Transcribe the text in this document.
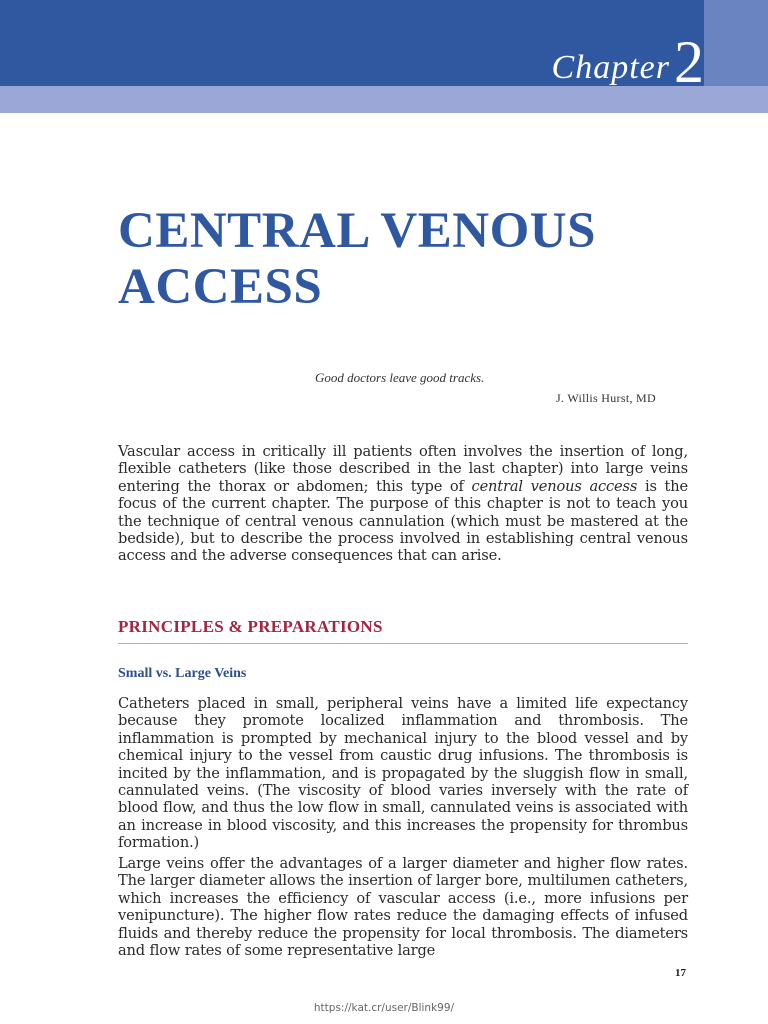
Chapter2
CENTRAL VENOUS
ACCESS
Good doctors leave good tracks.
J. Willis Hurst, MD

Vascular access in critically ill patients often involves the insertion of long, flexible catheters (like those described in the last chapter) into large veins entering the thorax or abdomen; this type of central venous access is the focus of the current chapter. The purpose of this chapter is not to teach you the technique of central venous cannulation (which must be mastered at the bedside), but to describe the process involved in establishing central venous access and the adverse consequences that can arise.

PRINCIPLES & PREPARATIONS
Small vs. Large Veins

Catheters placed in small, peripheral veins have a limited life expectancy because they promote localized inflammation and thrombosis. The inflammation is prompted by mechanical injury to the blood vessel and by chemical injury to the vessel from caustic drug infusions. The thrombosis is incited by the inflammation, and is propagated by the sluggish flow in small, cannulated veins. (The viscosity of blood varies inversely with the rate of blood flow, and thus the low flow in small, cannulated veins is associated with an increase in blood viscosity, and this increases the propensity for thrombus formation.)

Large veins offer the advantages of a larger diameter and higher flow rates. The larger diameter allows the insertion of larger bore, multilumen catheters, which increases the efficiency of vascular access (i.e., more infusions per venipuncture). The higher flow rates reduce the damaging effects of infused fluids and thereby reduce the propensity for local thrombosis. The diameters and flow rates of some representative large

17
https://kat.cr/user/Blink99/
